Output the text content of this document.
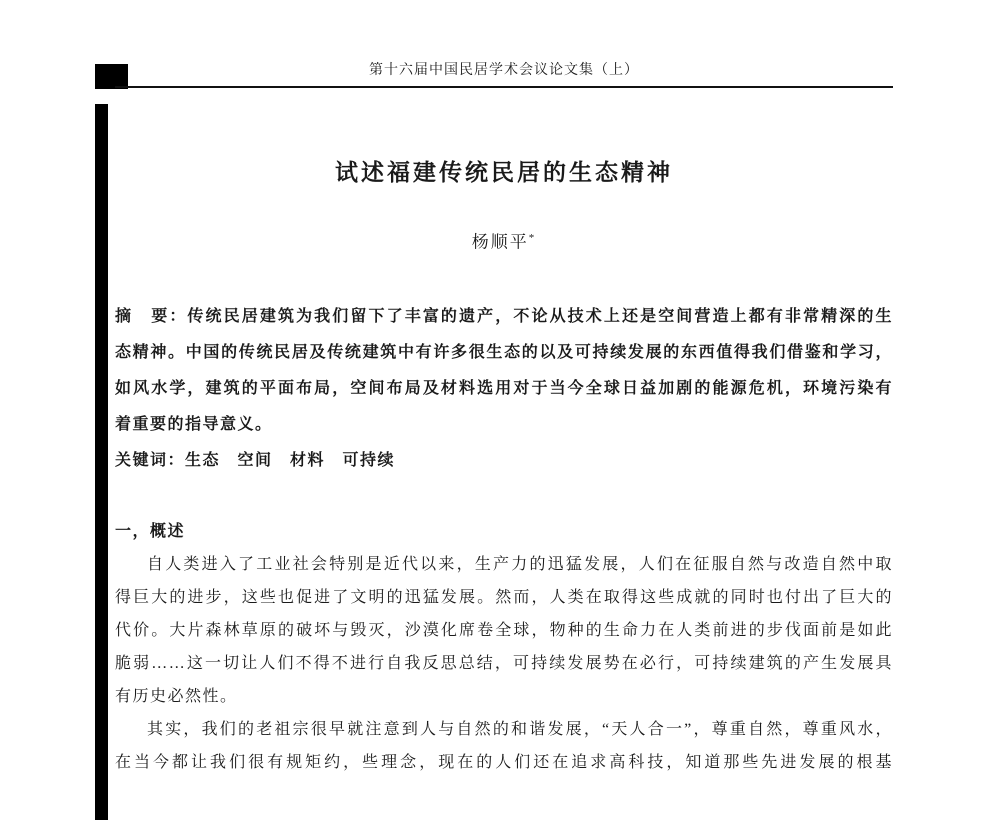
第十六届中国民居学术会议论文集（上）
试述福建传统民居的生态精神
杨顺平*
摘　要：传统民居建筑为我们留下了丰富的遗产，不论从技术上还是空间营造上都有非常精深的生
态精神。中国的传统民居及传统建筑中有许多很生态的以及可持续发展的东西值得我们借鉴和学习，
如风水学，建筑的平面布局，空间布局及材料选用对于当今全球日益加剧的能源危机，环境污染有
着重要的指导意义。
关键词：生态　空间　材料　可持续
一，概述
自人类进入了工业社会特别是近代以来，生产力的迅猛发展，人们在征服自然与改造自然中取
得巨大的进步，这些也促进了文明的迅猛发展。然而，人类在取得这些成就的同时也付出了巨大的
代价。大片森林草原的破坏与毁灭，沙漠化席卷全球，物种的生命力在人类前进的步伐面前是如此
脆弱……这一切让人们不得不进行自我反思总结，可持续发展势在必行，可持续建筑的产生发展具
有历史必然性。
其实，我们的老祖宗很早就注意到人与自然的和谐发展，“天人合一”，尊重自然，尊重风水，
在当今都让我们很有规矩约，些理念，现在的人们还在追求高科技，知道那些先进发展的根基
